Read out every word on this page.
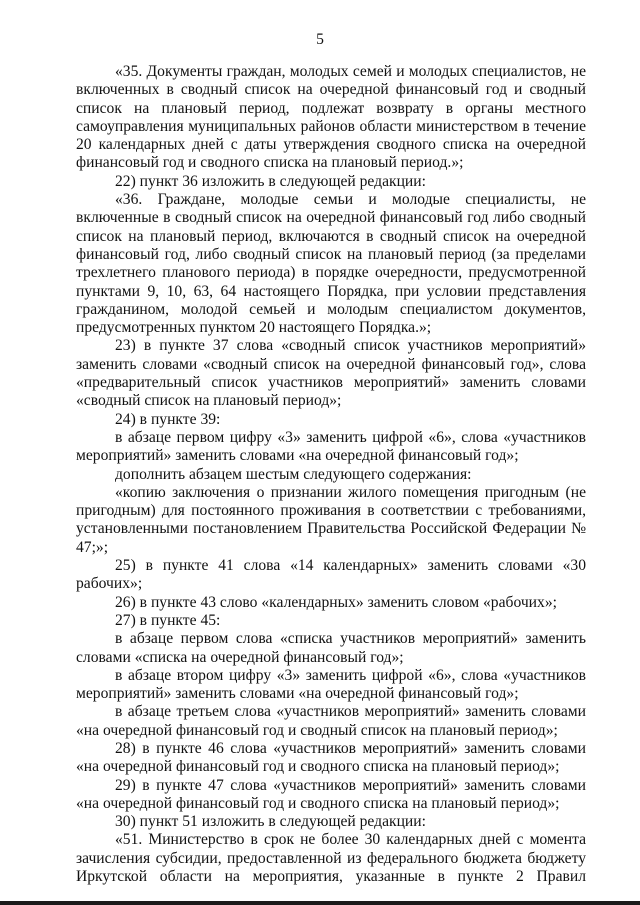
5

«35. Документы граждан, молодых семей и молодых специалистов, не включенных в сводный список на очередной финансовый год и сводный список на плановый период, подлежат возврату в органы местного самоуправления муниципальных районов области министерством в течение 20 календарных дней с даты утверждения сводного списка на очередной финансовый год и сводного списка на плановый период.»;

22) пункт 36 изложить в следующей редакции:

«36. Граждане, молодые семьи и молодые специалисты, не включенные в сводный список на очередной финансовый год либо сводный список на плановый период, включаются в сводный список на очередной финансовый год, либо сводный список на плановый период (за пределами трехлетнего планового периода) в порядке очередности, предусмотренной пунктами 9, 10, 63, 64 настоящего Порядка, при условии представления гражданином, молодой семьей и молодым специалистом документов, предусмотренных пунктом 20 настоящего Порядка.»;

23) в пункте 37 слова «сводный список участников мероприятий» заменить словами «сводный список на очередной финансовый год», слова «предварительный список участников мероприятий» заменить словами «сводный список на плановый период»;

24) в пункте 39:

в абзаце первом цифру «3» заменить цифрой «6», слова «участников мероприятий» заменить словами «на очередной финансовый год»;

дополнить абзацем шестым следующего содержания:

«копию заключения о признании жилого помещения пригодным (не пригодным) для постоянного проживания в соответствии с требованиями, установленными постановлением Правительства Российской Федерации № 47;»;

25) в пункте 41 слова «14 календарных» заменить словами «30 рабочих»;

26) в пункте 43 слово «календарных» заменить словом «рабочих»;

27) в пункте 45:

в абзаце первом слова «списка участников мероприятий» заменить словами «списка на очередной финансовый год»;

в абзаце втором цифру «3» заменить цифрой «6», слова «участников мероприятий» заменить словами «на очередной финансовый год»;

в абзаце третьем слова «участников мероприятий» заменить словами «на очередной финансовый год и сводный список на плановый период»;

28) в пункте 46 слова «участников мероприятий» заменить словами «на очередной финансовый год и сводного списка на плановый период»;

29) в пункте 47 слова «участников мероприятий» заменить словами «на очередной финансовый год и сводного списка на плановый период»;

30) пункт 51 изложить в следующей редакции:

«51. Министерство в срок не более 30 календарных дней с момента зачисления субсидии, предоставленной из федерального бюджета бюджету Иркутской области на мероприятия, указанные в пункте 2 Правил
